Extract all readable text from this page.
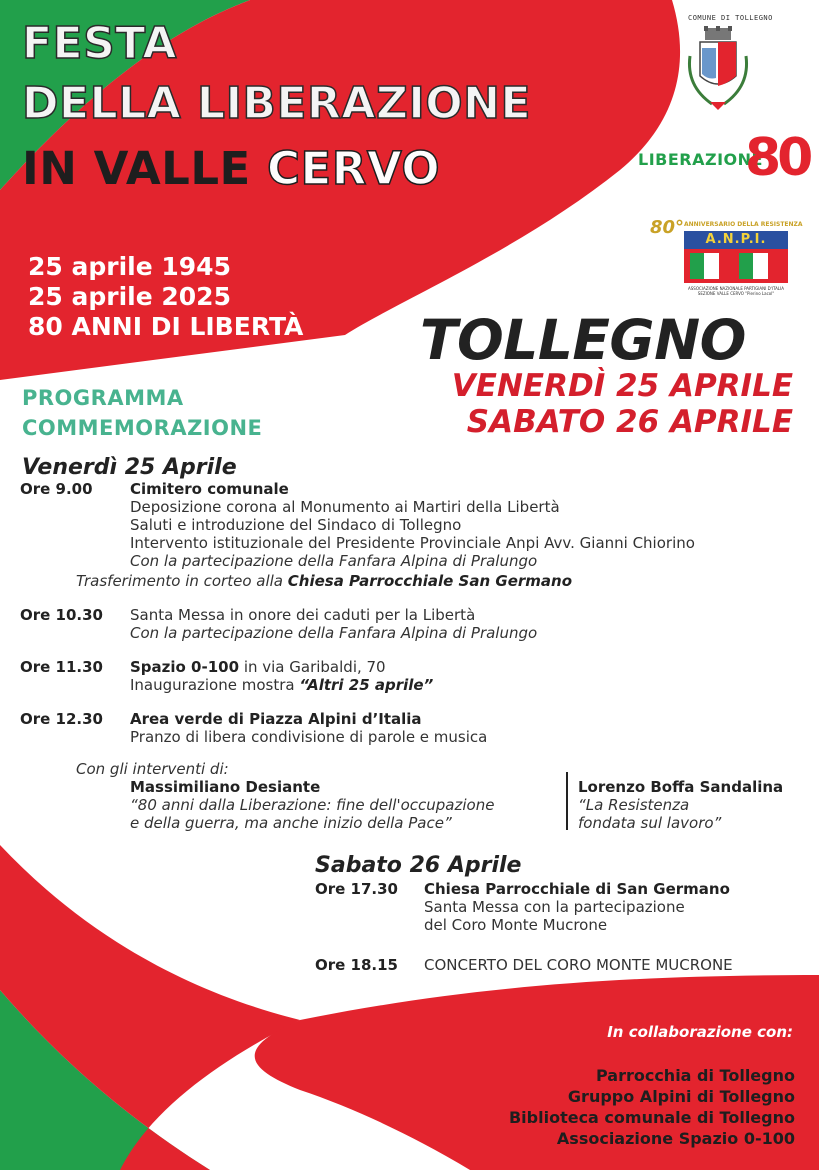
FESTA
DELLA LIBERAZIONE
IN VALLE CERVO
25 aprile 1945
25 aprile 2025
80 ANNI DI LIBERTÀ
PROGRAMMA
COMMEMORAZIONE
COMUNE DI TOLLEGNO
LIBERAZIONE
80
80° ANNIVERSARIO DELLA RESISTENZA
A.N.P.I.
ASSOCIAZIONE NAZIONALE PARTIGIANI D'ITALIA
SEZIONE VALLE CERVO "Pierino Lacol"
TOLLEGNO
VENERDÌ 25 APRILE
SABATO 26 APRILE
Venerdì 25 Aprile
Ore 9.00 Cimitero comunale
Deposizione corona al Monumento ai Martiri della Libertà
Saluti e introduzione del Sindaco di Tollegno
Intervento istituzionale del Presidente Provinciale Anpi Avv. Gianni Chiorino
Con la partecipazione della Fanfara Alpina di Pralungo
Trasferimento in corteo alla Chiesa Parrocchiale San Germano
Ore 10.30 Santa Messa in onore dei caduti per la Libertà
Con la partecipazione della Fanfara Alpina di Pralungo
Ore 11.30 Spazio 0-100 in via Garibaldi, 70
Inaugurazione mostra “Altri 25 aprile”
Ore 12.30 Area verde di Piazza Alpini d’Italia
Pranzo di libera condivisione di parole e musica
Con gli interventi di:
Massimiliano Desiante
“80 anni dalla Liberazione: fine dell'occupazione
e della guerra, ma anche inizio della Pace”
Lorenzo Boffa Sandalina
“La Resistenza
fondata sul lavoro”
Sabato 26 Aprile
Ore 17.30 Chiesa Parrocchiale di San Germano
Santa Messa con la partecipazione
del Coro Monte Mucrone
Ore 18.15 CONCERTO DEL CORO MONTE MUCRONE
In collaborazione con:
Parrocchia di Tollegno
Gruppo Alpini di Tollegno
Biblioteca comunale di Tollegno
Associazione Spazio 0-100
